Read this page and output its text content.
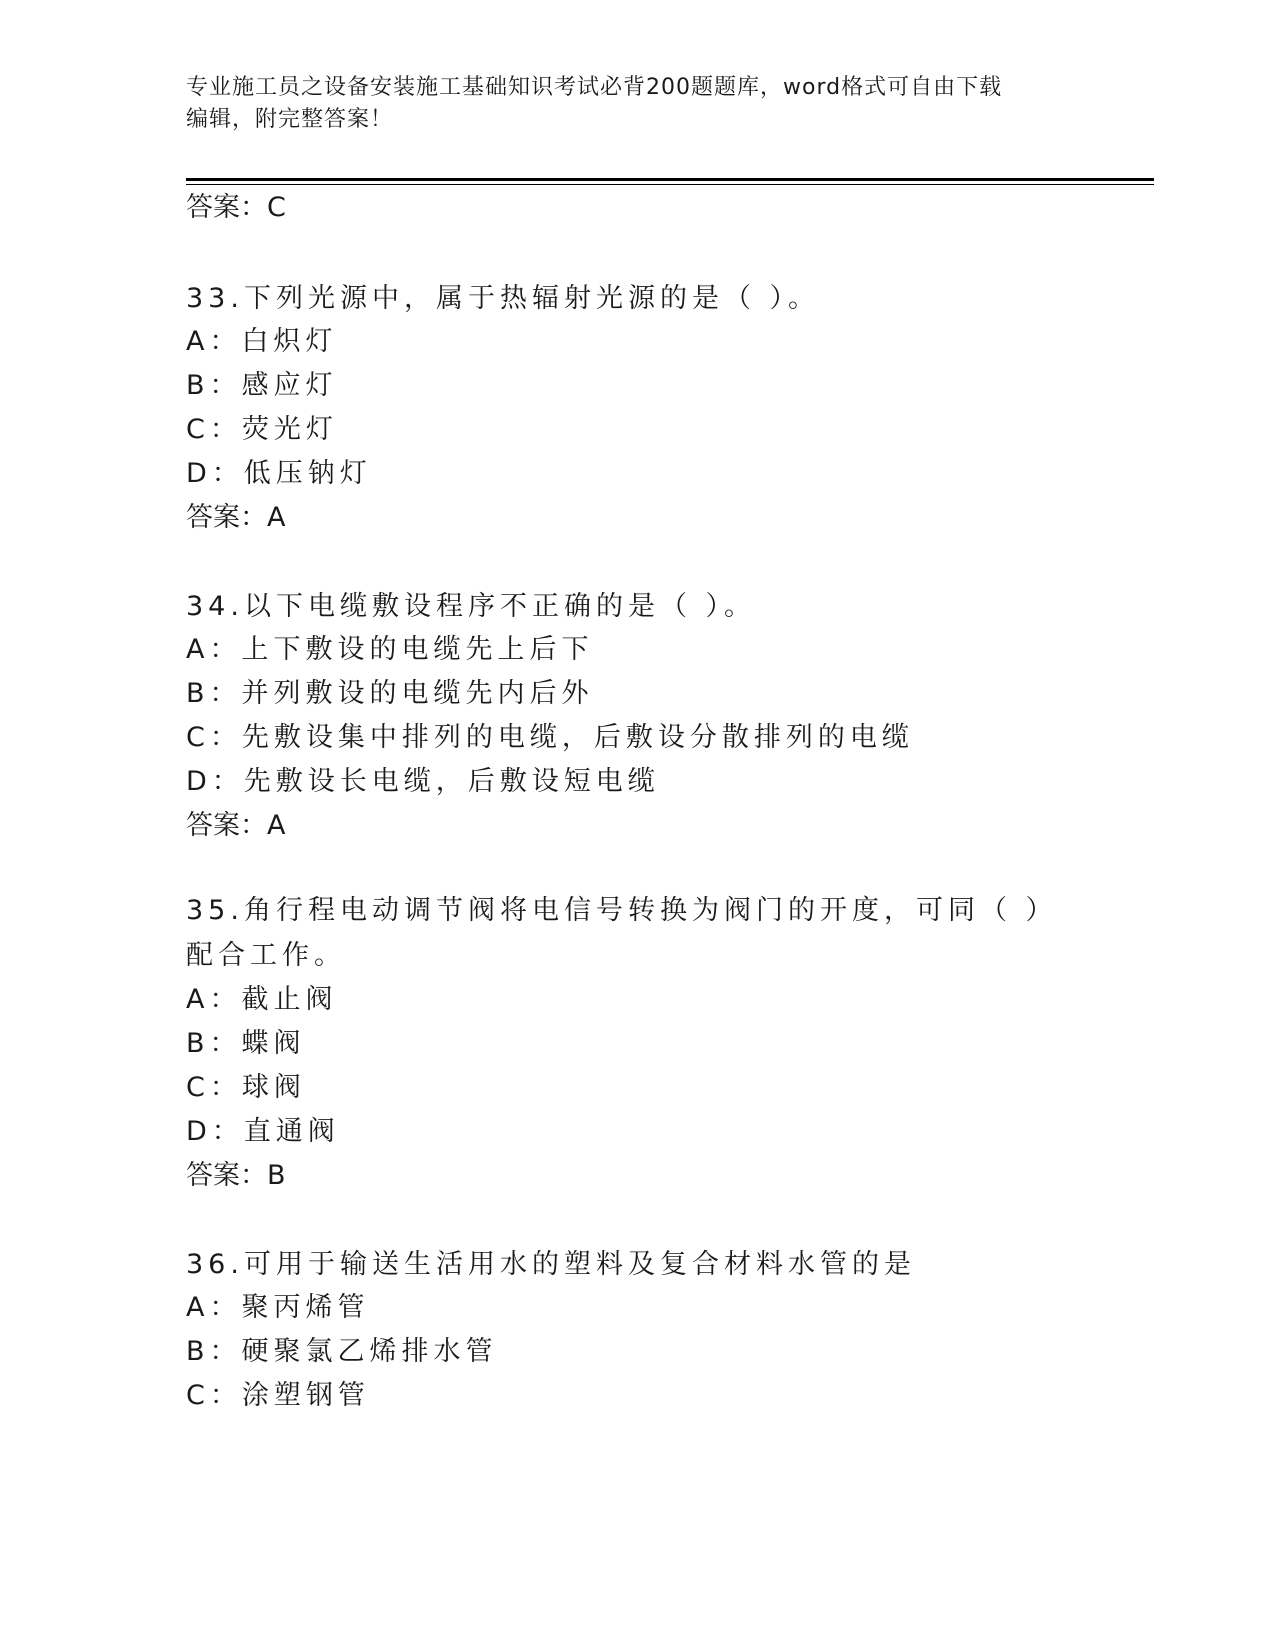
专业施工员之设备安装施工基础知识考试必背200题题库，word格式可自由下载
编辑，附完整答案！
答案：C
33.下列光源中，属于热辐射光源的是（ ）。
A：白炽灯
B：感应灯
C：荧光灯
D：低压钠灯
答案：A
34.以下电缆敷设程序不正确的是（ ）。
A：上下敷设的电缆先上后下
B：并列敷设的电缆先内后外
C：先敷设集中排列的电缆，后敷设分散排列的电缆
D：先敷设长电缆，后敷设短电缆
答案：A
35.角行程电动调节阀将电信号转换为阀门的开度，可同（ ）配合工作。
A：截止阀
B：蝶阀
C：球阀
D：直通阀
答案：B
36.可用于输送生活用水的塑料及复合材料水管的是
A：聚丙烯管
B：硬聚氯乙烯排水管
C：涂塑钢管
